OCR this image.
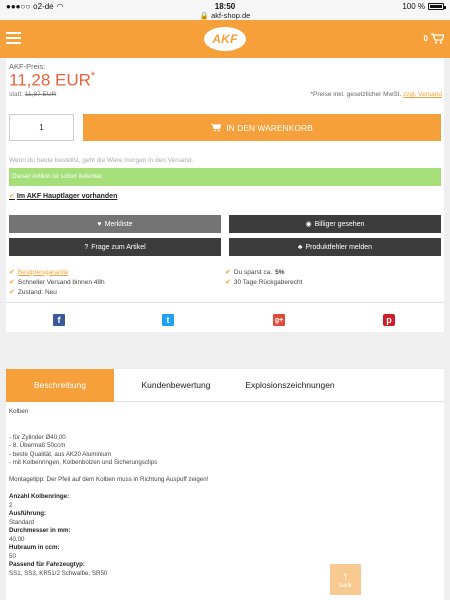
●●●○○ o2-de ◠	18:50
🔒 akf-shop.de
100 %
AKF	0
AKF-Preis:
11,28 EUR*
statt: 11,87 EUR	*Preise inkl. gesetzlicher MwSt. zzgl. Versand
1	IN DEN WARENKORB
Wenn du heute bestellst, geht die Ware morgen in den Versand.
Dieser Artikel ist sofort lieferbar.
✔ Im AKF Hauptlager vorhanden
♥ Merkliste	◉ Billiger gesehen
? Frage zum Artikel	♣ Produktfehler melden
✔ Bestpreisgarantie
✔ Schneller Versand binnen 48h
✔ Zustand: Neu
✔ Du sparst ca. 5%
✔ 30 Tage Rückgaberecht
f	t	g+	p
Beschreibung	Kundenbewertung	Explosionszeichnungen

Kolben

- für Zylinder Ø40,00

- 8. Übermaß 50ccm

- beste Qualität, aus AK20 Aluminium

- mit Kolbenringen, Kolbenbolzen und Sicherungsclips

Montagetipp: Der Pfeil auf dem Kolben muss in Richtung Auspuff zeigen!

Anzahl Kolbenringe:

2

Ausführung:

Standard

Durchmesser in mm:

40,00

Hubraum in ccm:

50

Passend für Fahrzeugtyp:

SS1, SS3, KR51/2 Schwalbe, SR50	↑
back
